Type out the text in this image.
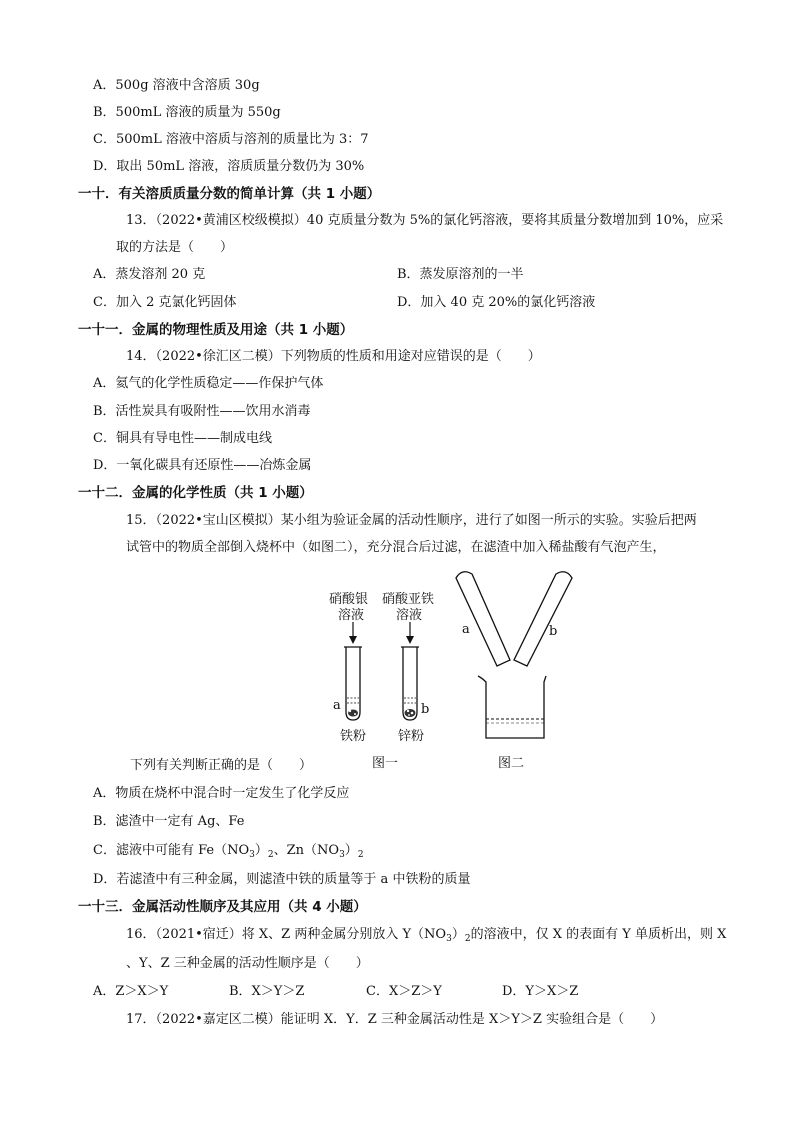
A．500g 溶液中含溶质 30g
B．500mL 溶液的质量为 550g
C．500mL 溶液中溶质与溶剂的质量比为 3：7
D．取出 50mL 溶液，溶质质量分数仍为 30%
一十．有关溶质质量分数的简单计算（共 1 小题）
13．（2022•黄浦区校级模拟）40 克质量分数为 5%的氯化钙溶液，要将其质量分数增加到 10%，应采
取的方法是（　　）
A．蒸发溶剂 20 克	B．蒸发原溶剂的一半
C．加入 2 克氯化钙固体	D．加入 40 克 20%的氯化钙溶液
一十一．金属的物理性质及用途（共 1 小题）
14．（2022•徐汇区二模）下列物质的性质和用途对应错误的是（　　）
A．氦气的化学性质稳定——作保护气体
B．活性炭具有吸附性——饮用水消毒
C．铜具有导电性——制成电线
D．一氧化碳具有还原性——冶炼金属
一十二．金属的化学性质（共 1 小题）
15．（2022•宝山区模拟）某小组为验证金属的活动性顺序，进行了如图一所示的实验。实验后把两
试管中的物质全部倒入烧杯中（如图二），充分混合后过滤，在滤渣中加入稀盐酸有气泡产生，
硝酸银
溶液
硝酸亚铁
溶液
a	b
铁粉 锌粉
图一	图二
a	b
下列有关判断正确的是（　　）
A．物质在烧杯中混合时一定发生了化学反应
B．滤渣中一定有 Ag、Fe
C．滤液中可能有 $Fe(NO_3)_2$、$Zn(NO_3)_2$
D．若滤渣中有三种金属，则滤渣中铁的质量等于 a 中铁粉的质量
一十三．金属活动性顺序及其应用（共 4 小题）
16．（2021•宿迁）将 X、Z 两种金属分别放入 $Y(NO_3)_2$的溶液中，仅 X 的表面有 Y 单质析出，则 X
、Y、Z 三种金属的活动性顺序是（　　）
A．Z＞X＞Y	B．X＞Y＞Z	C．X＞Z＞Y	D．Y＞X＞Z
17．（2022•嘉定区二模）能证明 X．Y．Z 三种金属活动性是 X＞Y＞Z 实验组合是（　　）
